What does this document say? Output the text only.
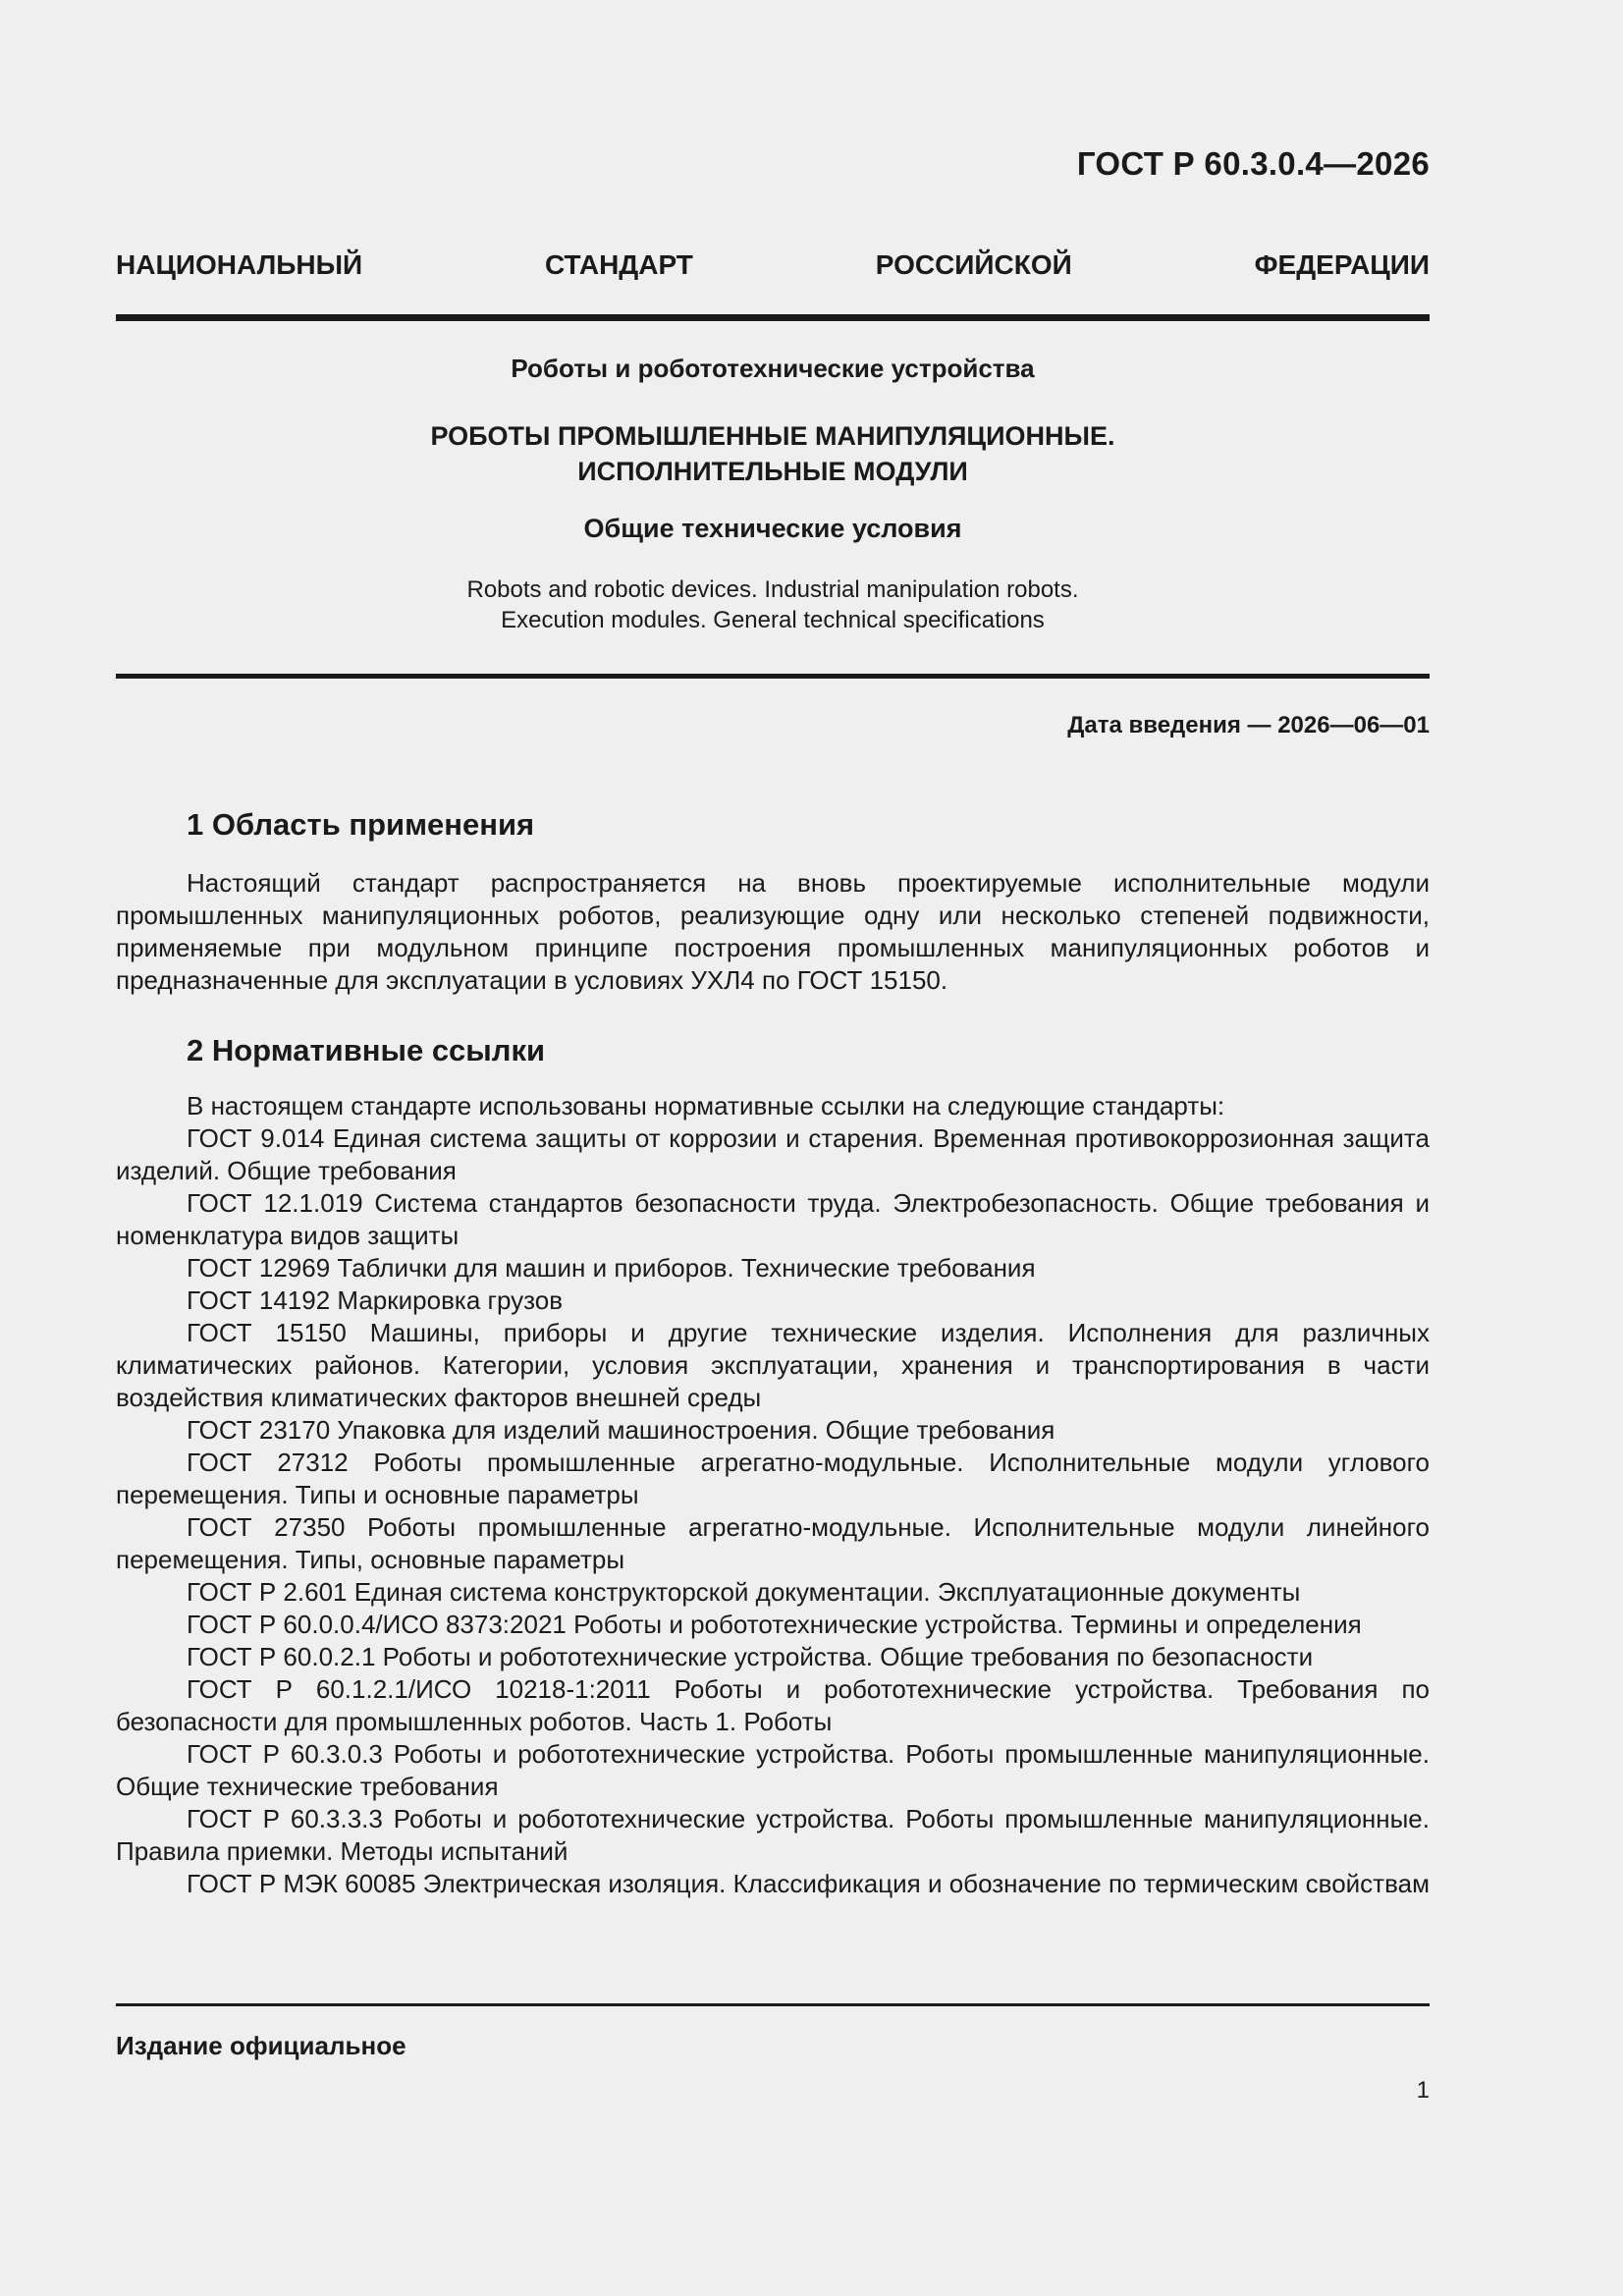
ГОСТ Р 60.3.0.4—2026
НАЦИОНАЛЬНЫЙ СТАНДАРТ РОССИЙСКОЙ ФЕДЕРАЦИИ
Роботы и робототехнические устройства
РОБОТЫ ПРОМЫШЛЕННЫЕ МАНИПУЛЯЦИОННЫЕ.
ИСПОЛНИТЕЛЬНЫЕ МОДУЛИ
Общие технические условия
Robots and robotic devices. Industrial manipulation robots.
Execution modules. General technical specifications
Дата введения — 2026—06—01
1 Область применения
Настоящий стандарт распространяется на вновь проектируемые исполнительные модули промышленных манипуляционных роботов, реализующие одну или несколько степеней подвижности, применяемые при модульном принципе построения промышленных манипуляционных роботов и предназначенные для эксплуатации в условиях УХЛ4 по ГОСТ 15150.
2 Нормативные ссылки

В настоящем стандарте использованы нормативные ссылки на следующие стандарты:

ГОСТ 9.014 Единая система защиты от коррозии и старения. Временная противокоррозионная защита изделий. Общие требования

ГОСТ 12.1.019 Система стандартов безопасности труда. Электробезопасность. Общие требования и номенклатура видов защиты

ГОСТ 12969 Таблички для машин и приборов. Технические требования

ГОСТ 14192 Маркировка грузов

ГОСТ 15150 Машины, приборы и другие технические изделия. Исполнения для различных климатических районов. Категории, условия эксплуатации, хранения и транспортирования в части воздействия климатических факторов внешней среды

ГОСТ 23170 Упаковка для изделий машиностроения. Общие требования

ГОСТ 27312 Роботы промышленные агрегатно-модульные. Исполнительные модули углового перемещения. Типы и основные параметры

ГОСТ 27350 Роботы промышленные агрегатно-модульные. Исполнительные модули линейного перемещения. Типы, основные параметры

ГОСТ Р 2.601 Единая система конструкторской документации. Эксплуатационные документы

ГОСТ Р 60.0.0.4/ИСО 8373:2021 Роботы и робототехнические устройства. Термины и определения

ГОСТ Р 60.0.2.1 Роботы и робототехнические устройства. Общие требования по безопасности

ГОСТ Р 60.1.2.1/ИСО 10218-1:2011 Роботы и робототехнические устройства. Требования по безопасности для промышленных роботов. Часть 1. Роботы

ГОСТ Р 60.3.0.3 Роботы и робототехнические устройства. Роботы промышленные манипуляционные. Общие технические требования

ГОСТ Р 60.3.3.3 Роботы и робототехнические устройства. Роботы промышленные манипуляционные. Правила приемки. Методы испытаний

ГОСТ Р МЭК 60085 Электрическая изоляция. Классификация и обозначение по термическим свойствам

Издание официальное
1
